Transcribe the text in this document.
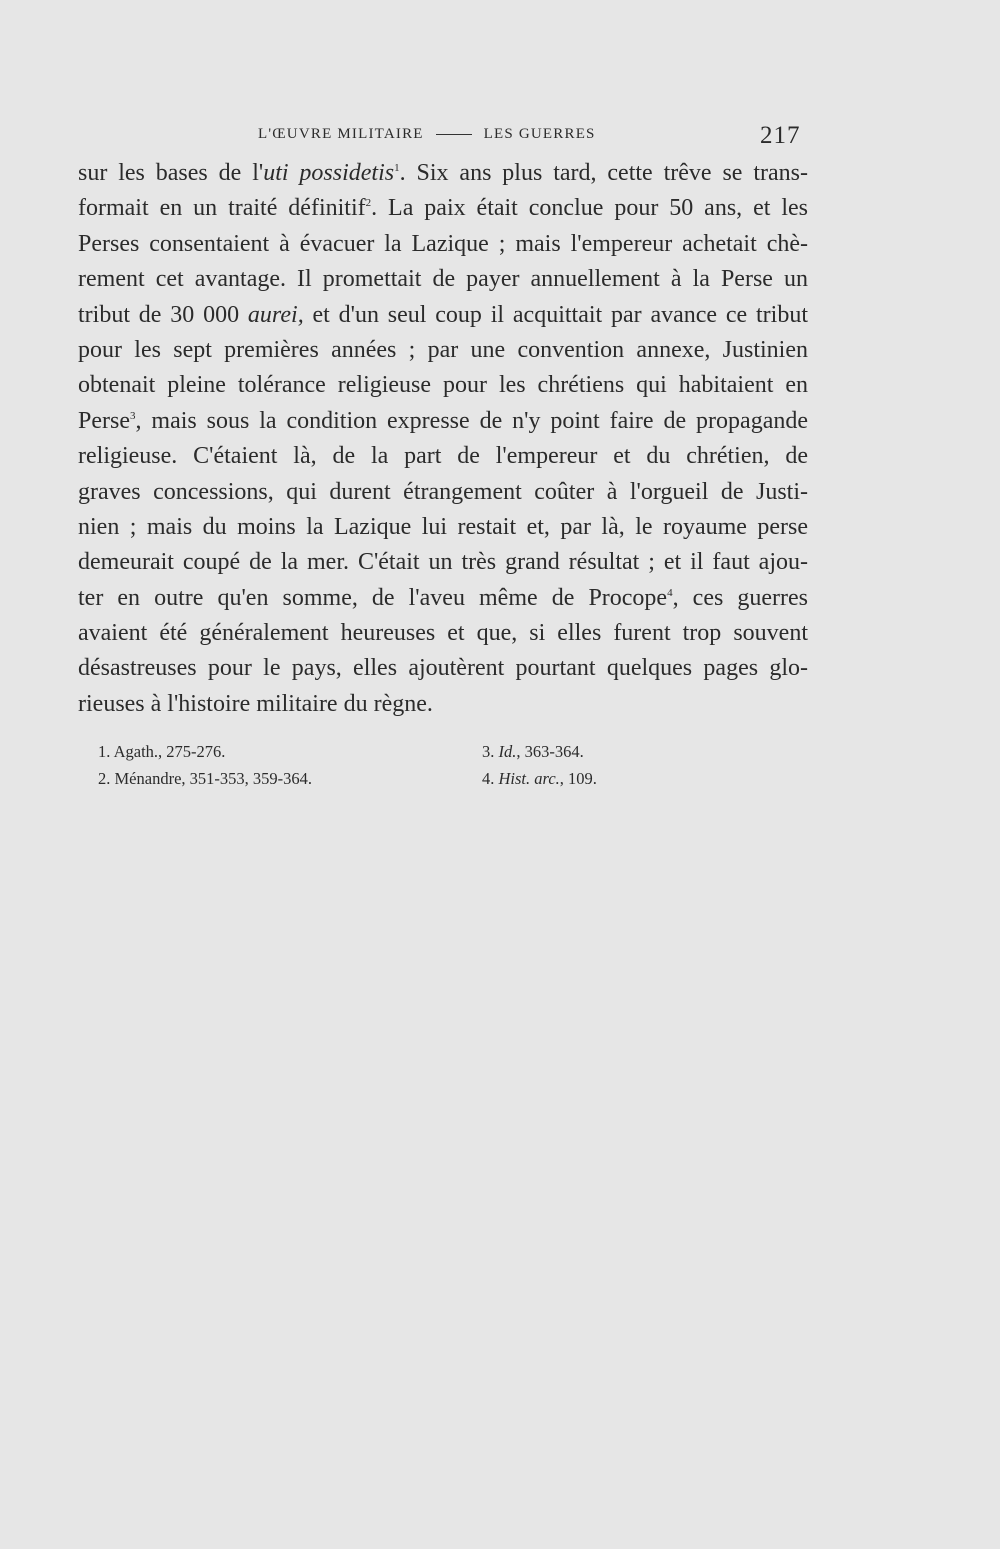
L'ŒUVRE MILITAIRE	LES GUERRES	217
sur les bases de l'uti possidetis$^1$. Six ans plus tard, cette trêve se trans-
formait en un traité définitif$^2$. La paix était conclue pour 50 ans, et les
Perses consentaient à évacuer la Lazique ; mais l'empereur achetait chè-
rement cet avantage. Il promettait de payer annuellement à la Perse un
tribut de 30 000 aurei, et d'un seul coup il acquittait par avance ce tribut
pour les sept premières années ; par une convention annexe, Justinien
obtenait pleine tolérance religieuse pour les chrétiens qui habitaient en
Perse$^3$, mais sous la condition expresse de n'y point faire de propagande
religieuse. C'étaient là, de la part de l'empereur et du chrétien, de
graves concessions, qui durent étrangement coûter à l'orgueil de Justi-
nien ; mais du moins la Lazique lui restait et, par là, le royaume perse
demeurait coupé de la mer. C'était un très grand résultat ; et il faut ajou-
ter en outre qu'en somme, de l'aveu même de Procope$^4$, ces guerres
avaient été généralement heureuses et que, si elles furent trop souvent
désastreuses pour le pays, elles ajoutèrent pourtant quelques pages glo-
rieuses à l'histoire militaire du règne.
1. Agath., 275-276.	3. Id., 363-364.
2. Ménandre, 351-353, 359-364.	4. Hist. arc., 109.
